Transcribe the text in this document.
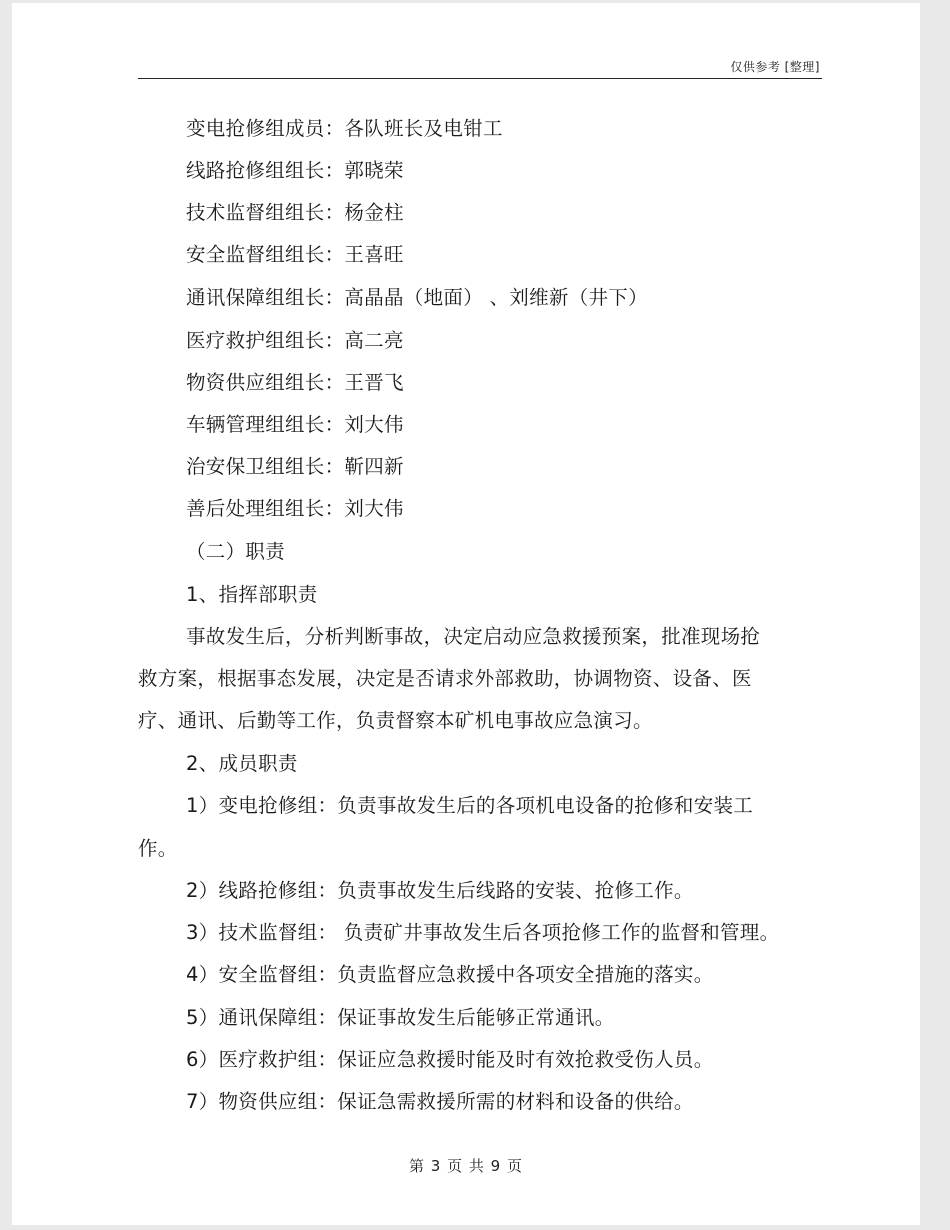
仅供参考 [整理]
变电抢修组成员：各队班长及电钳工
线路抢修组组长：郭晓荣
技术监督组组长：杨金柱
安全监督组组长：王喜旺
通讯保障组组长：高晶晶（地面） 、刘维新（井下）
医疗救护组组长：高二亮
物资供应组组长：王晋飞
车辆管理组组长：刘大伟
治安保卫组组长：靳四新
善后处理组组长：刘大伟
（二）职责
1、指挥部职责
事故发生后，分析判断事故，决定启动应急救援预案，批准现场抢
救方案，根据事态发展，决定是否请求外部救助，协调物资、设备、医
疗、通讯、后勤等工作，负责督察本矿机电事故应急演习。
2、成员职责
1）变电抢修组：负责事故发生后的各项机电设备的抢修和安装工
作。
2）线路抢修组：负责事故发生后线路的安装、抢修工作。
3）技术监督组： 负责矿井事故发生后各项抢修工作的监督和管理。
4）安全监督组：负责监督应急救援中各项安全措施的落实。
5）通讯保障组：保证事故发生后能够正常通讯。
6）医疗救护组：保证应急救援时能及时有效抢救受伤人员。
7）物资供应组：保证急需救援所需的材料和设备的供给。
第 3 页 共 9 页
